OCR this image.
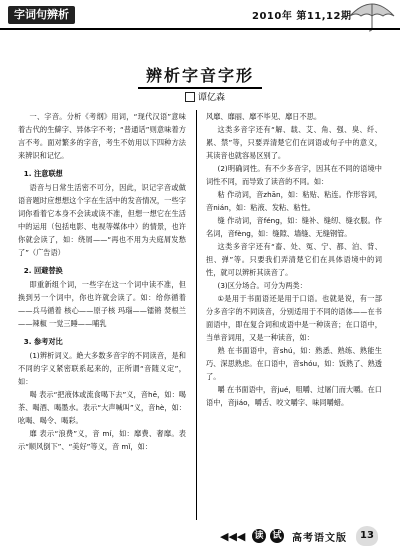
字词句辨析	2010年 第11,12期
辨析字音字形
谭亿森

一、字音。分析《考纲》用词，“现代汉语”意味着古代的生僻字、异体字不考；“普通话”则意味着方言不考。面对繁多的字音，考生不妨用以下四种方法来辨识和记忆。

1. 注意联想

语音与日常生活密不可分，因此，识记字音或做语音题时应想想这个字在生活中的发音情况，一些字词你看着它本身不会读或读不准，但想一想它在生活中的运用（包括电影、电视等媒体中）的情景，也许你就会读了，如：绕屑——“再也不用为夫庭屑发愁了”（广告语）

2. 回避替换

即重新组个词，一些字在这一个词中读不准，但换到另一个词中，你也许就会读了。如：给你循着——兵马循着 核心——原子核 玛瑙——镭锵 焚根兰——辣椒 一觉三睡——哺乳

3. 参考对比

(1)辨析词义。絶大多数多音字的不同读音，是和不同的字义紧密联系起来的，正所谓“音随义定”，如：

喝 表示“把液体或流食喝下去”义，音hē，如：喝茶、喝酒、喝墨水。表示“大声喊叫”义，音hè，如：吆喝、喝令、喝彩。

靡 表示“浪费”义，音 mí，如：靡费、奢靡。表示“顺风倒下”、“美好”等义，音 mǐ，如：

风靡、靡丽、靡不毕见、靡日不思。

这类多音字还有“解、载、艾、角、强、臭、纤、累、禁”等，只要弄清楚它们在词语或句子中的意义，其读音也就容易区别了。

(2)明确词性。有不少多音字，因其在不同的语境中词性不同，而导致了读音的不同。如：

粘 作动词，音zhān，如：粘贴、粘连。作形容词，音nián，如：粘液、发粘、粘性。

缝 作动词，音féng，如：缝补、缝纫、缝衣服。作名词，音fèng，如：缝隙、墙缝、无缝钢管。

这类多音字还有“畜、处、冤、宁、都、泊、背、担、弹”等。只要我们弄清楚它们在具体语境中的词性，就可以辨析其读音了。

(3)区分场合。可分为两类：

①是用于书面语还是用于口语。也就是说，有一部分多音字的不同读音，分别适用于不同的语体——在书面语中，即在复合词和成语中是一种读音；在口语中，当单音词用，又是一种读音，如：

熟 在书面语中，音shú，如：熟悉、熟练、熟能生巧、深思熟虑。在口语中，音shóu，如：饭熟了、熟透了。

嚼 在书面语中，音jué，咀嚼、过屠门而大嚼。在口语中，音jiáo，嚼舌、咬文嚼字、味同嚼蜡。

◀◀◀ 读 试 高考语文版	13
